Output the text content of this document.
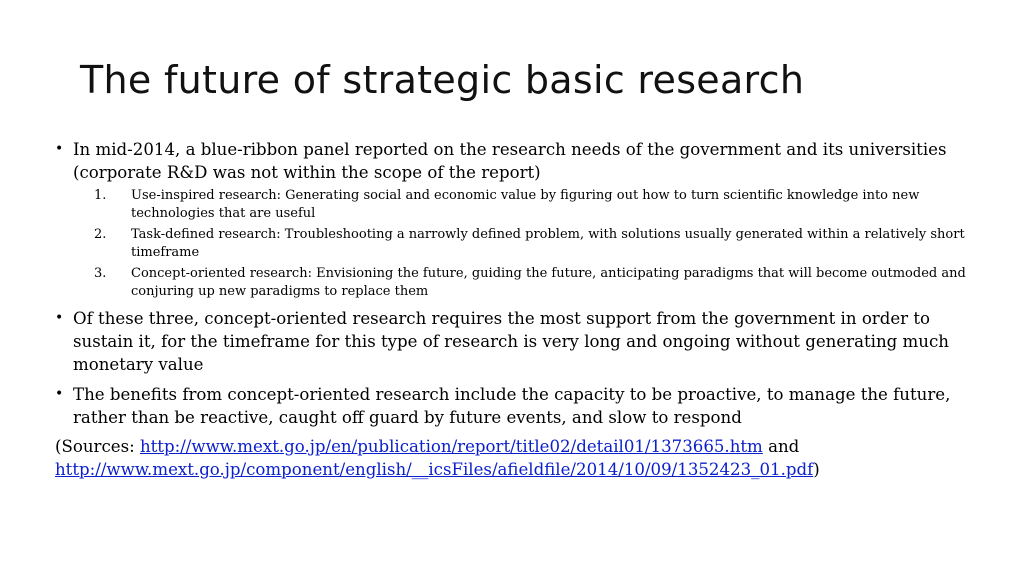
The future of strategic basic research
• In mid-2014, a blue-ribbon panel reported on the research needs of the government and its universities (corporate R&D was not within the scope of the report)
1. Use-inspired research: Generating social and economic value by figuring out how to turn scientific knowledge into new technologies that are useful
2. Task-defined research: Troubleshooting a narrowly defined problem, with solutions usually generated within a relatively short timeframe
3. Concept-oriented research: Envisioning the future, guiding the future, anticipating paradigms that will become outmoded and conjuring up new paradigms to replace them
• Of these three, concept-oriented research requires the most support from the government in order to sustain it, for the timeframe for this type of research is very long and ongoing without generating much monetary value
• The benefits from concept-oriented research include the capacity to be proactive, to manage the future, rather than be reactive, caught off guard by future events, and slow to respond
(Sources: http://www.mext.go.jp/en/publication/report/title02/detail01/1373665.htm and
http://www.mext.go.jp/component/english/__icsFiles/afieldfile/2014/10/09/1352423_01.pdf)
